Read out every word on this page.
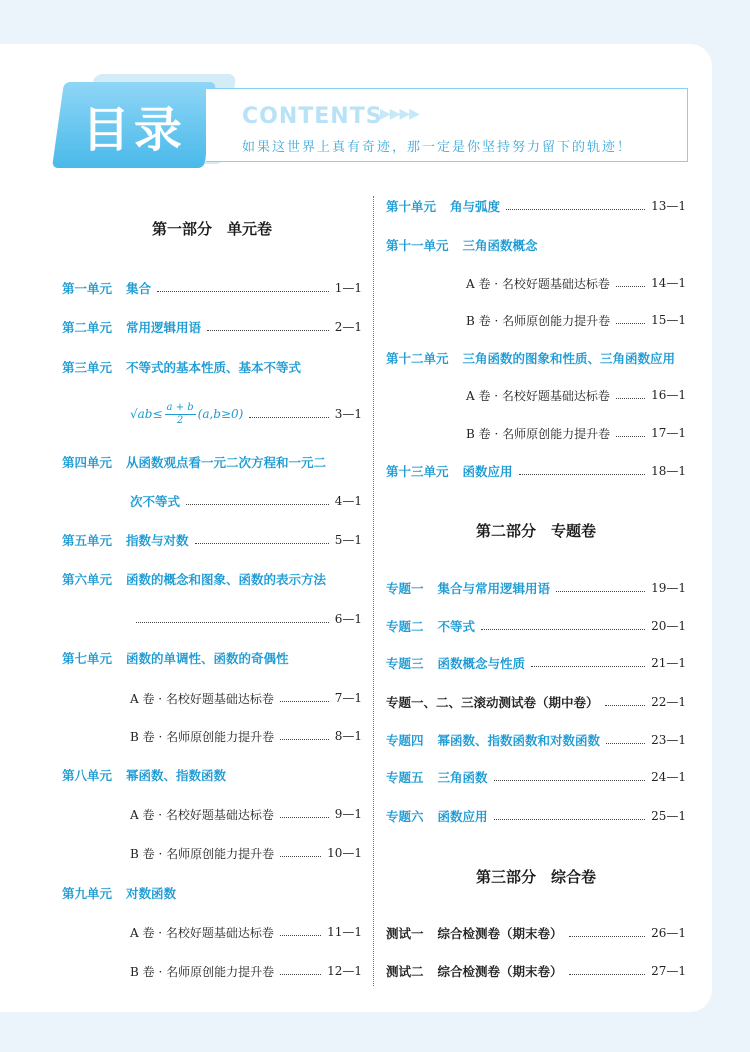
目录	CONTENTS
▶▶▶▶
如果这世界上真有奇迹，那一定是你坚持努力留下的轨迹！
第一部分　单元卷
第一单元 集合	1—1
第二单元 常用逻辑用语	2—1
第三单元 不等式的基本性质、基本不等式
$√ab \le \frac{a + b}{2} (a,b\ge 0)$	3—1
第四单元 从函数观点看一元二次方程和一元二
次不等式	4—1
第五单元 指数与对数	5—1
第六单元 函数的概念和图象、函数的表示方法
6—1
第七单元 函数的单调性、函数的奇偶性
A 卷 · 名校好题基础达标卷	7—1
B 卷 · 名师原创能力提升卷	8—1
第八单元 幂函数、指数函数
A 卷 · 名校好题基础达标卷	9—1
B 卷 · 名师原创能力提升卷	10—1
第九单元 对数函数
A 卷 · 名校好题基础达标卷	11—1
B 卷 · 名师原创能力提升卷	12—1
第十单元 角与弧度	13—1
第十一单元 三角函数概念
A 卷 · 名校好题基础达标卷	14—1
B 卷 · 名师原创能力提升卷	15—1
第十二单元 三角函数的图象和性质、三角函数应用
A 卷 · 名校好题基础达标卷	16—1
B 卷 · 名师原创能力提升卷	17—1
第十三单元 函数应用	18—1
第二部分　专题卷
专题一 集合与常用逻辑用语	19—1
专题二 不等式	20—1
专题三 函数概念与性质	21—1
专题一、二、三滚动测试卷（期中卷）	22—1
专题四 幂函数、指数函数和对数函数	23—1
专题五 三角函数	24—1
专题六 函数应用	25—1
第三部分　综合卷
测试一 综合检测卷（期末卷）	26—1
测试二 综合检测卷（期末卷）	27—1
